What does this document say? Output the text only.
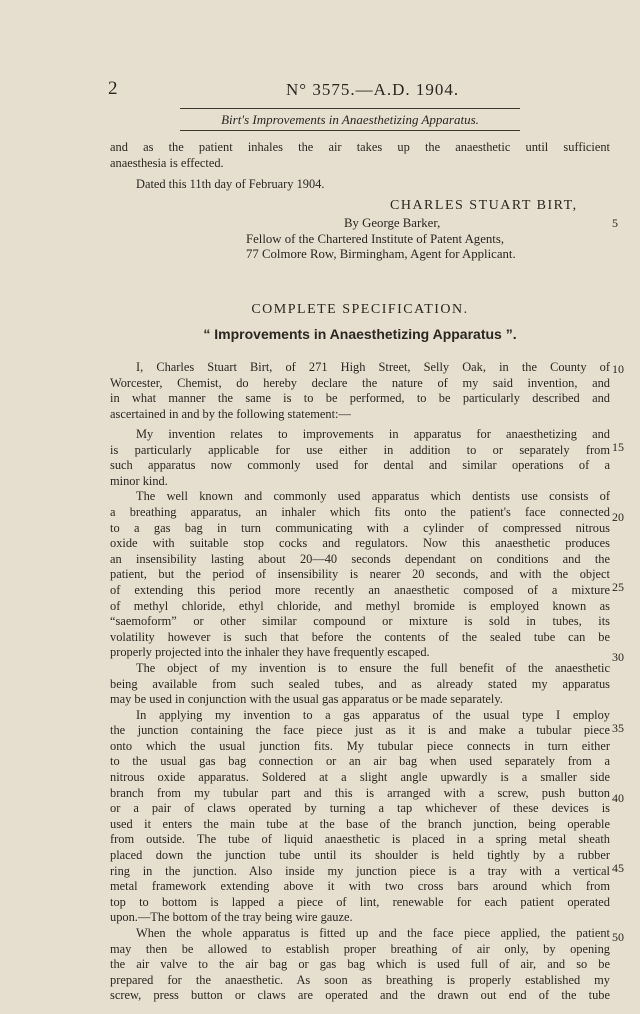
2	N° 3575.—A.D. 1904.
Birt's Improvements in Anaesthetizing Apparatus.
and as the patient inhales the air takes up the anaesthetic until sufficient
anaesthesia is effected.
Dated this 11th day of February 1904.
CHARLES STUART BIRT,
By George Barker,
Fellow of the Chartered Institute of Patent Agents,
77 Colmore Row, Birmingham, Agent for Applicant.
COMPLETE SPECIFICATION.
“ Improvements in Anaesthetizing Apparatus ”.
I, Charles Stuart Birt, of 271 High Street, Selly Oak, in the County of
Worcester, Chemist, do hereby declare the nature of my said invention, and
in what manner the same is to be performed, to be particularly described and
ascertained in and by the following statement:—
My invention relates to improvements in apparatus for anaesthetizing and
is particularly applicable for use either in addition to or separately from
such apparatus now commonly used for dental and similar operations of a
minor kind.
The well known and commonly used apparatus which dentists use consists of
a breathing apparatus, an inhaler which fits onto the patient's face connected
to a gas bag in turn communicating with a cylinder of compressed nitrous
oxide with suitable stop cocks and regulators. Now this anaesthetic produces
an insensibility lasting about 20—40 seconds dependant on conditions and the
patient, but the period of insensibility is nearer 20 seconds, and with the object
of extending this period more recently an anaesthetic composed of a mixture
of methyl chloride, ethyl chloride, and methyl bromide is employed known as
“saemoform” or other similar compound or mixture is sold in tubes, its
volatility however is such that before the contents of the sealed tube can be
properly projected into the inhaler they have frequently escaped.
The object of my invention is to ensure the full benefit of the anaesthetic
being available from such sealed tubes, and as already stated my apparatus
may be used in conjunction with the usual gas apparatus or be made separately.
In applying my invention to a gas apparatus of the usual type I employ
the junction containing the face piece just as it is and make a tubular piece
onto which the usual junction fits. My tubular piece connects in turn either
to the usual gas bag connection or an air bag when used separately from a
nitrous oxide apparatus. Soldered at a slight angle upwardly is a smaller side
branch from my tubular part and this is arranged with a screw, push button
or a pair of claws operated by turning a tap whichever of these devices is
used it enters the main tube at the base of the branch junction, being operable
from outside. The tube of liquid anaesthetic is placed in a spring metal sheath
placed down the junction tube until its shoulder is held tightly by a rubber
ring in the junction. Also inside my junction piece is a tray with a vertical
metal framework extending above it with two cross bars around which from
top to bottom is lapped a piece of lint, renewable for each patient operated
upon.—The bottom of the tray being wire gauze.
When the whole apparatus is fitted up and the face piece applied, the patient
may then be allowed to establish proper breathing of air only, by opening
the air valve to the air bag or gas bag which is used full of air, and so be
prepared for the anaesthetic. As soon as breathing is properly established my
screw, press button or claws are operated and the drawn out end of the tube
5
10
15
20
25
30
35
40
45
50
